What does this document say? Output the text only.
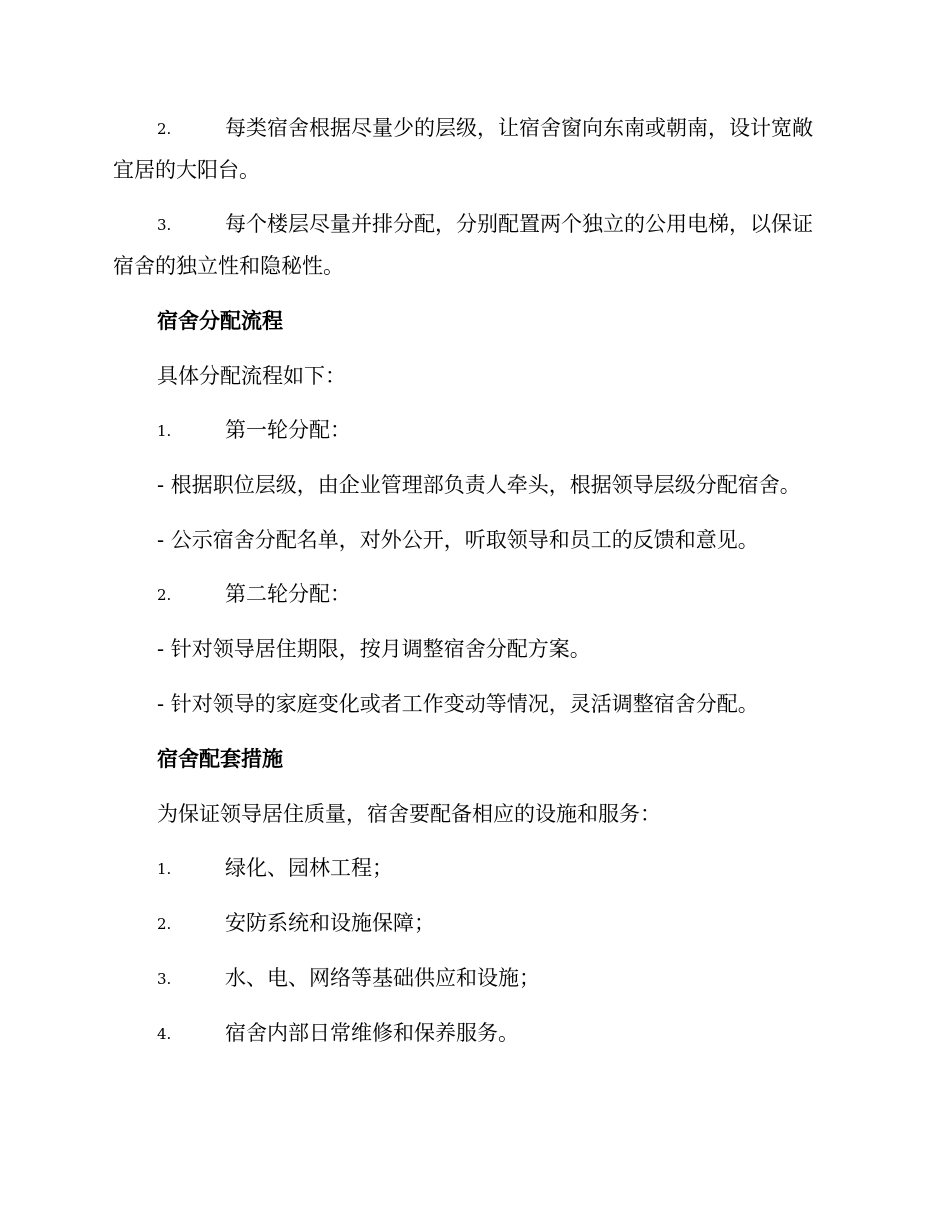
2.	每类宿舍根据尽量少的层级，让宿舍窗向东南或朝南，设计宽敞
宜居的大阳台。
3.	每个楼层尽量并排分配，分别配置两个独立的公用电梯，以保证
宿舍的独立性和隐秘性。
宿舍分配流程
具体分配流程如下：
1.	第一轮分配：
- 根据职位层级，由企业管理部负责人牵头，根据领导层级分配宿舍。
- 公示宿舍分配名单，对外公开，听取领导和员工的反馈和意见。
2.	第二轮分配：
- 针对领导居住期限，按月调整宿舍分配方案。
- 针对领导的家庭变化或者工作变动等情况，灵活调整宿舍分配。
宿舍配套措施
为保证领导居住质量，宿舍要配备相应的设施和服务：
1.	绿化、园林工程；
2.	安防系统和设施保障；
3.	水、电、网络等基础供应和设施；
4.	宿舍内部日常维修和保养服务。
